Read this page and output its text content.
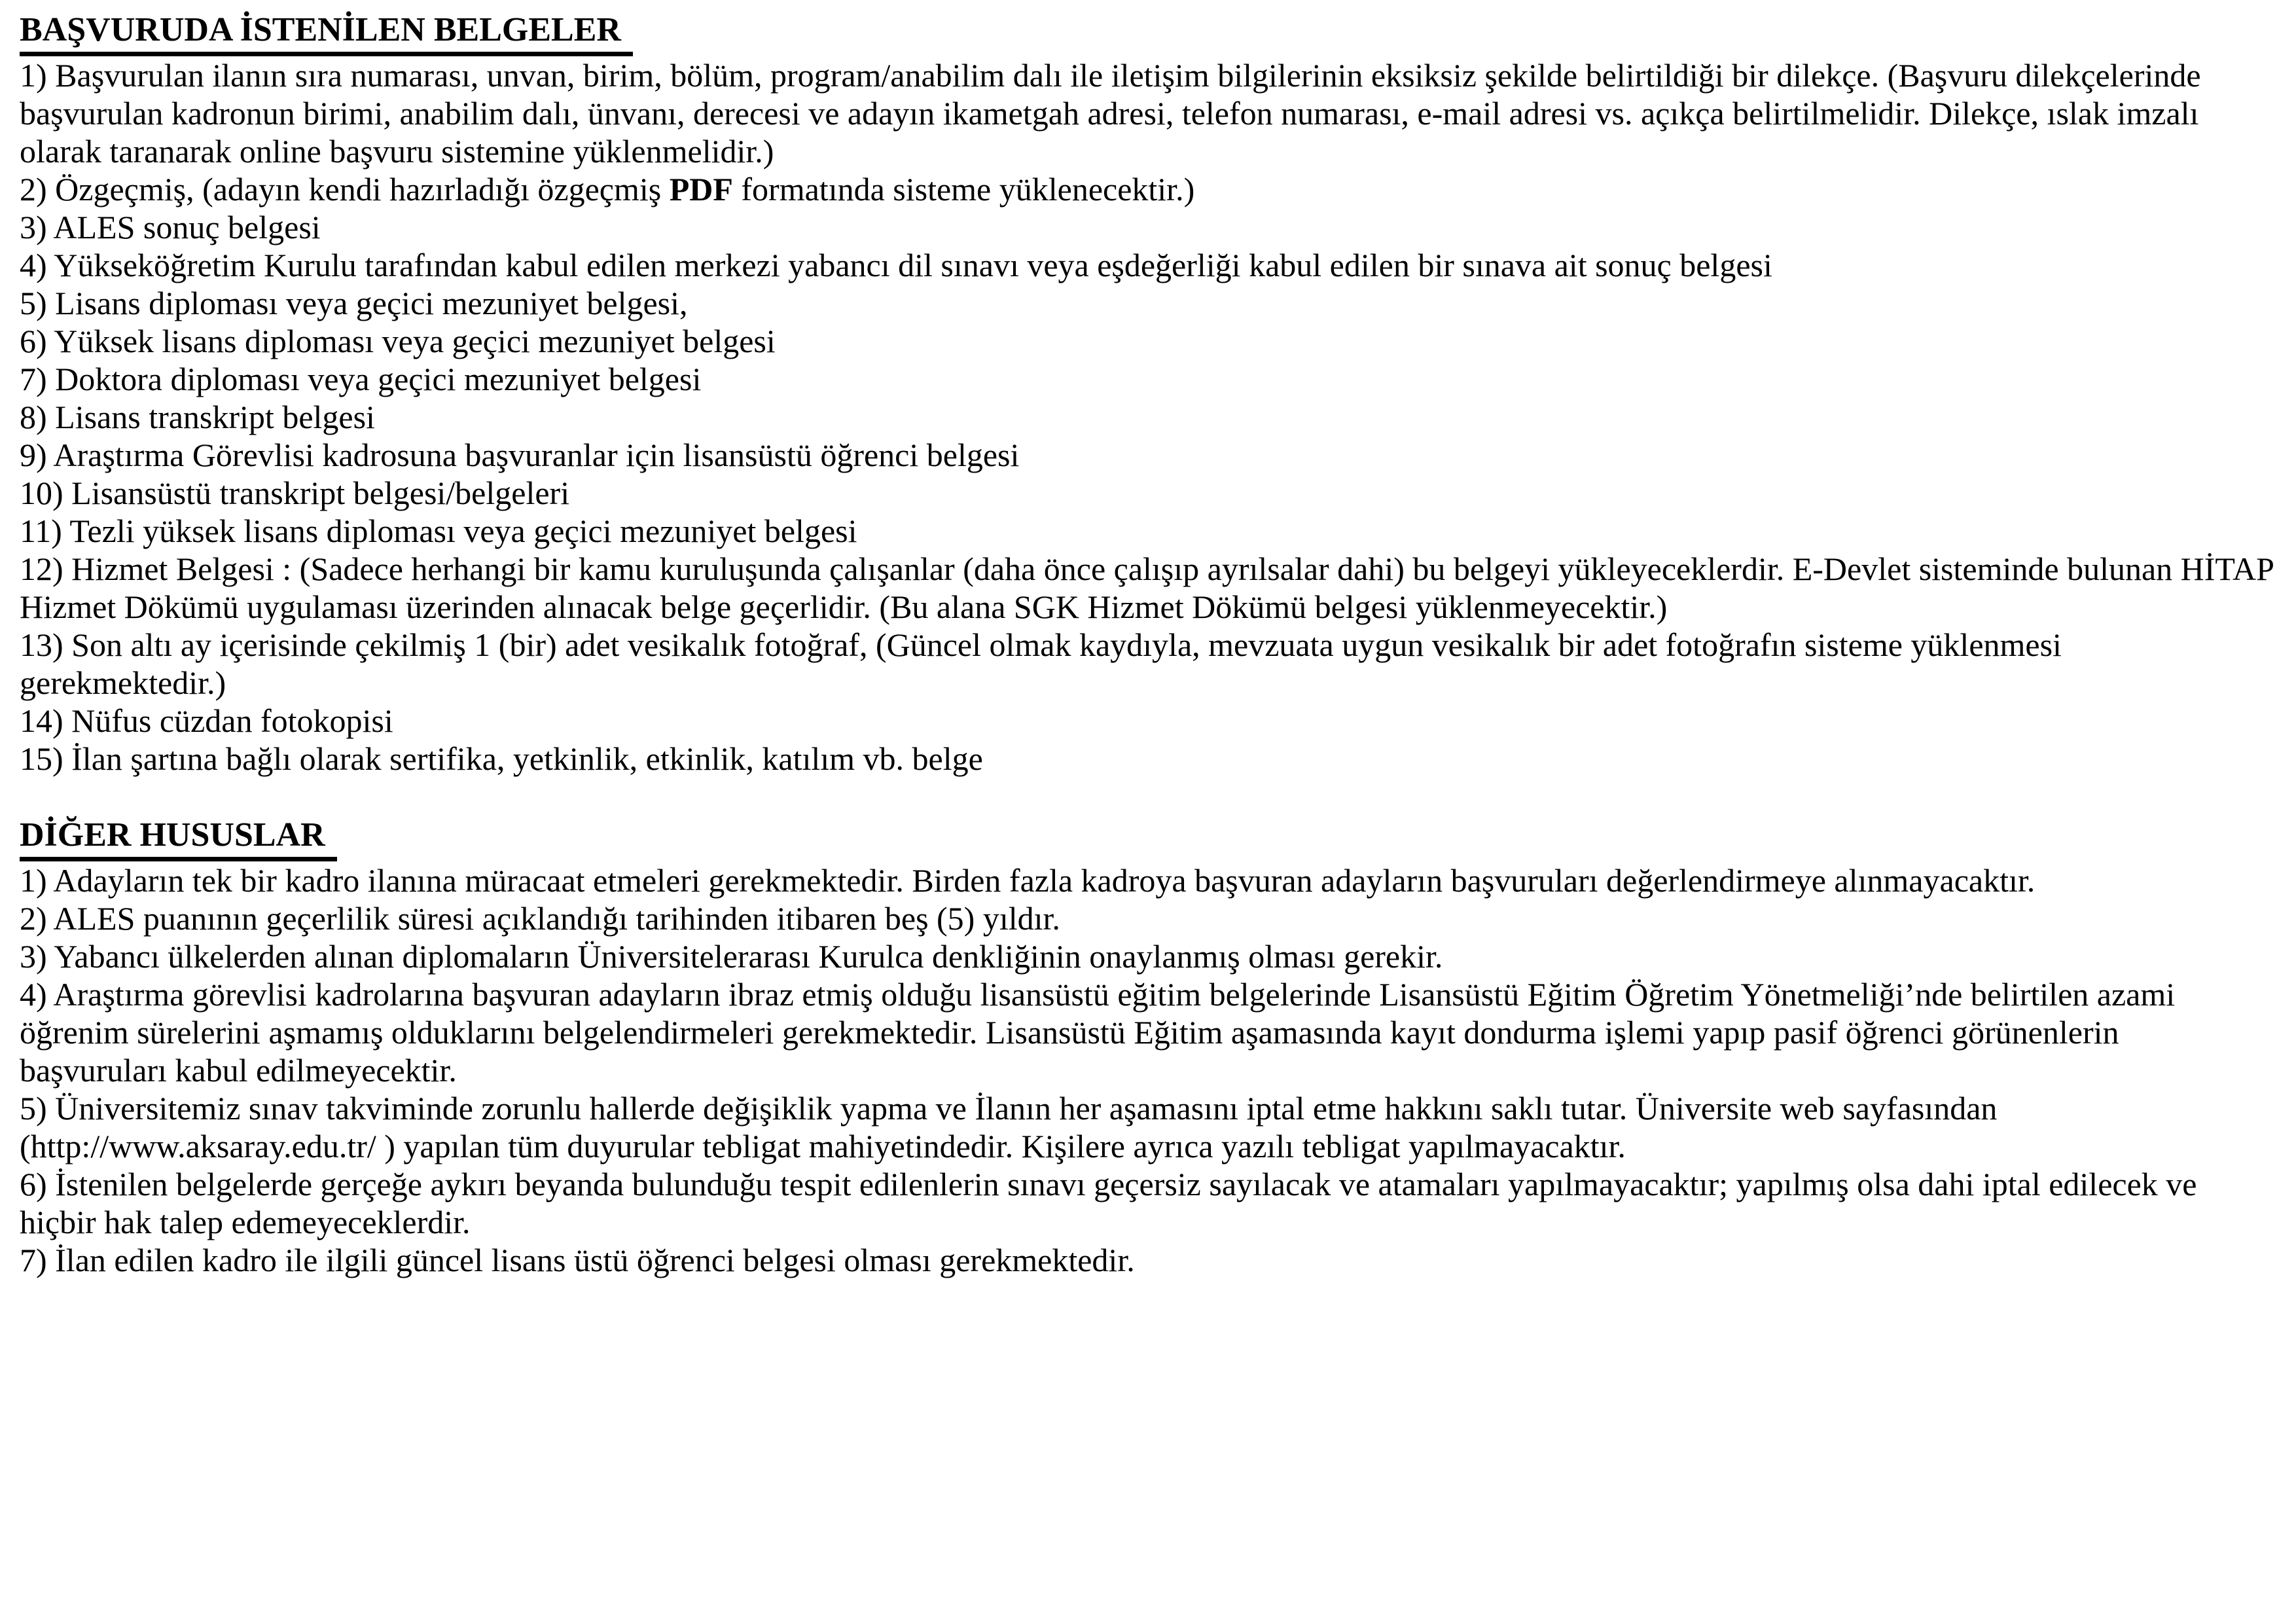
BAŞVURUDA İSTENİLEN BELGELER

1) Başvurulan ilanın sıra numarası, unvan, birim, bölüm, program/anabilim dalı ile iletişim bilgilerinin eksiksiz şekilde belirtildiği bir dilekçe. (Başvuru dilekçelerinde başvurulan kadronun birimi, anabilim dalı, ünvanı, derecesi ve adayın ikametgah adresi, telefon numarası, e-mail adresi vs. açıkça belirtilmelidir. Dilekçe, ıslak imzalı olarak taranarak online başvuru sistemine yüklenmelidir.)

2) Özgeçmiş, (adayın kendi hazırladığı özgeçmiş PDF formatında sisteme yüklenecektir.)

3) ALES sonuç belgesi

4) Yükseköğretim Kurulu tarafından kabul edilen merkezi yabancı dil sınavı veya eşdeğerliği kabul edilen bir sınava ait sonuç belgesi

5) Lisans diploması veya geçici mezuniyet belgesi,

6) Yüksek lisans diploması veya geçici mezuniyet belgesi

7) Doktora diploması veya geçici mezuniyet belgesi

8) Lisans transkript belgesi

9) Araştırma Görevlisi kadrosuna başvuranlar için lisansüstü öğrenci belgesi

10) Lisansüstü transkript belgesi/belgeleri

11) Tezli yüksek lisans diploması veya geçici mezuniyet belgesi

12) Hizmet Belgesi : (Sadece herhangi bir kamu kuruluşunda çalışanlar (daha önce çalışıp ayrılsalar dahi) bu belgeyi yükleyeceklerdir. E-Devlet sisteminde bulunan HİTAP Hizmet Dökümü uygulaması üzerinden alınacak belge geçerlidir. (Bu alana SGK Hizmet Dökümü belgesi yüklenmeyecektir.)

13) Son altı ay içerisinde çekilmiş 1 (bir) adet vesikalık fotoğraf, (Güncel olmak kaydıyla, mevzuata uygun vesikalık bir adet fotoğrafın sisteme yüklenmesi gerekmektedir.)

14) Nüfus cüzdan fotokopisi

15) İlan şartına bağlı olarak sertifika, yetkinlik, etkinlik, katılım vb. belge

DİĞER HUSUSLAR

1) Adayların tek bir kadro ilanına müracaat etmeleri gerekmektedir. Birden fazla kadroya başvuran adayların başvuruları değerlendirmeye alınmayacaktır.

2) ALES puanının geçerlilik süresi açıklandığı tarihinden itibaren beş (5) yıldır.

3) Yabancı ülkelerden alınan diplomaların Üniversitelerarası Kurulca denkliğinin onaylanmış olması gerekir.

4) Araştırma görevlisi kadrolarına başvuran adayların ibraz etmiş olduğu lisansüstü eğitim belgelerinde Lisansüstü Eğitim Öğretim Yönetmeliği’nde belirtilen azami öğrenim sürelerini aşmamış olduklarını belgelendirmeleri gerekmektedir. Lisansüstü Eğitim aşamasında kayıt dondurma işlemi yapıp pasif öğrenci görünenlerin başvuruları kabul edilmeyecektir.

5) Üniversitemiz sınav takviminde zorunlu hallerde değişiklik yapma ve İlanın her aşamasını iptal etme hakkını saklı tutar. Üniversite web sayfasından (http://www.aksaray.edu.tr/ ) yapılan tüm duyurular tebligat mahiyetindedir. Kişilere ayrıca yazılı tebligat yapılmayacaktır.

6) İstenilen belgelerde gerçeğe aykırı beyanda bulunduğu tespit edilenlerin sınavı geçersiz sayılacak ve atamaları yapılmayacaktır; yapılmış olsa dahi iptal edilecek ve hiçbir hak talep edemeyeceklerdir.

7) İlan edilen kadro ile ilgili güncel lisans üstü öğrenci belgesi olması gerekmektedir.
